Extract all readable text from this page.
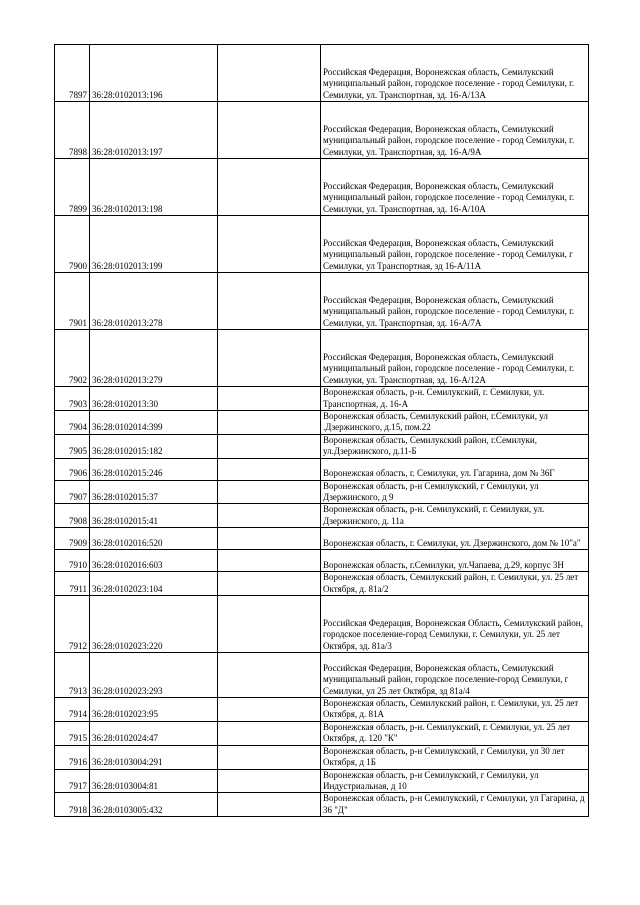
7897	36:28:0102013:196		Российская Федерация, Воронежская область, Семилукский муниципальный район, городское поселение - город Семилуки, г. Семилуки, ул. Транспортная, зд. 16-А/13А
7898	36:28:0102013:197		Российская Федерация, Воронежская область, Семилукский муниципальный район, городское поселение - город Семилуки, г. Семилуки, ул. Транспортная, зд. 16-А/9А
7899	36:28:0102013:198		Российская Федерация, Воронежская область, Семилукский муниципальный район, городское поселение - город Семилуки, г. Семилуки, ул. Транспортная, зд. 16-А/10А
7900	36:28:0102013:199		Российская Федерация, Воронежская область, Семилукский муниципальный район, городское поселение - город Семилуки, г Семилуки, ул Транспортная, зд 16-А/11А
7901	36:28:0102013:278		Российская Федерация, Воронежская область, Семилукский муниципальный район, городское поселение - город Семилуки, г. Семилуки, ул. Транспортная, зд. 16-А/7А
7902	36:28:0102013:279		Российская Федерация, Воронежская область, Семилукский муниципальный район, городское поселение - город Семилуки, г. Семилуки, ул. Транспортная, зд. 16-А/12А
7903	36:28:0102013:30		Воронежская область, р-н. Семилукский, г. Семилуки, ул. Транспортная, д. 16-А
7904	36:28:0102014:399		Воронежская область, Семилукский район, г.Семилуки, ул .Дзержинского, д.15, пом.22
7905	36:28:0102015:182		Воронежская область, Семилукский район, г.Семилуки, ул.Дзержинского, д.11-Б
7906	36:28:0102015:246		Воронежская область, г. Семилуки, ул. Гагарина, дом № 36Г
7907	36:28:0102015:37		Воронежская область, р-н Семилукский, г Семилуки, ул Дзержинского, д 9
7908	36:28:0102015:41		Воронежская область, р-н. Семилукский, г. Семилуки, ул. Дзержинского, д. 11а
7909	36:28:0102016:520		Воронежская область, г. Семилуки, ул. Дзержинского, дом № 10"а"
7910	36:28:0102016:603		Воронежская область, г.Семилуки, ул.Чапаева, д.29, корпус 3Н
7911	36:28:0102023:104		Воронежская область, Семилукский район, г. Семилуки, ул. 25 лет Октября, д. 81а/2
7912	36:28:0102023:220		Российская Федерация, Воронежская Область, Семилукский район, городское поселение-город Семилуки, г. Семилуки, ул. 25 лет Октября, зд. 81а/3
7913	36:28:0102023:293		Российская Федерация, Воронежская область, Семилукский муниципальный район, городское поселение-город Семилуки, г Семилуки, ул 25 лет Октября, зд 81а/4
7914	36:28:0102023:95		Воронежская область, Семилукский район, г. Семилуки, ул. 25 лет Октября, д. 81А
7915	36:28:0102024:47		Воронежская область, р-н. Семилукский, г. Семилуки, ул. 25 лет Октября, д. 120 "К"
7916	36:28:0103004:291		Воронежская область, р-н Семилукский, г Семилуки, ул 30 лет Октября, д 1Б
7917	36:28:0103004:81		Воронежская область, р-н Семилукский, г Семилуки, ул Индустриальная, д 10
7918	36:28:0103005:432		Воронежская область, р-н Семилукский, г Семилуки, ул Гагарина, д 36 "Д"
